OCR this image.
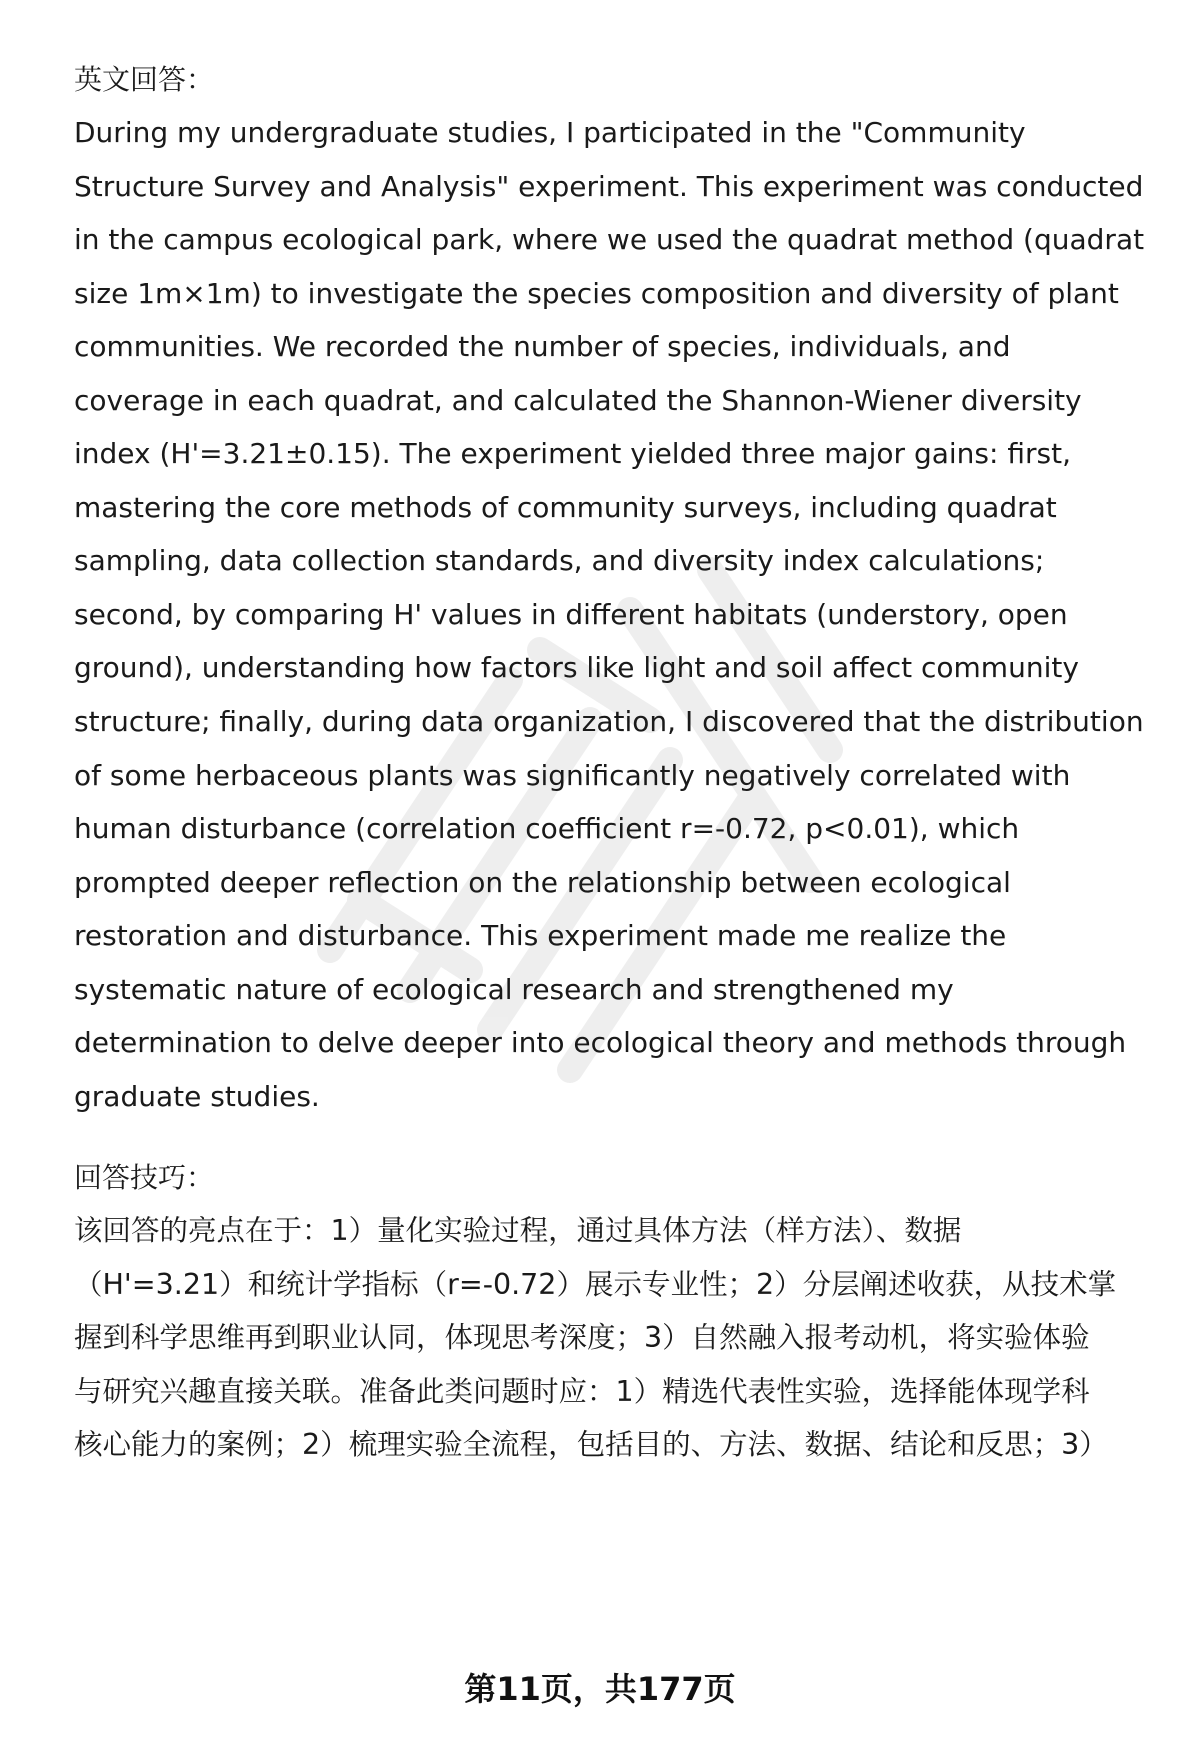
英文回答：
During my undergraduate studies, I participated in the "Community
Structure Survey and Analysis" experiment. This experiment was conducted
in the campus ecological park, where we used the quadrat method (quadrat
size 1m×1m) to investigate the species composition and diversity of plant
communities. We recorded the number of species, individuals, and
coverage in each quadrat, and calculated the Shannon-Wiener diversity
index (H'=3.21±0.15). The experiment yielded three major gains: first,
mastering the core methods of community surveys, including quadrat
sampling, data collection standards, and diversity index calculations;
second, by comparing H' values in different habitats (understory, open
ground), understanding how factors like light and soil affect community
structure; finally, during data organization, I discovered that the distribution
of some herbaceous plants was significantly negatively correlated with
human disturbance (correlation coefficient r=-0.72, p<0.01), which
prompted deeper reflection on the relationship between ecological
restoration and disturbance. This experiment made me realize the
systematic nature of ecological research and strengthened my
determination to delve deeper into ecological theory and methods through
graduate studies.
回答技巧：
该回答的亮点在于：1）量化实验过程，通过具体方法（样方法）、数据
（H'=3.21）和统计学指标（r=-0.72）展示专业性；2）分层阐述收获，从技术掌
握到科学思维再到职业认同，体现思考深度；3）自然融入报考动机，将实验体验
与研究兴趣直接关联。准备此类问题时应：1）精选代表性实验，选择能体现学科
核心能力的案例；2）梳理实验全流程，包括目的、方法、数据、结论和反思；3）
第11页，共177页
